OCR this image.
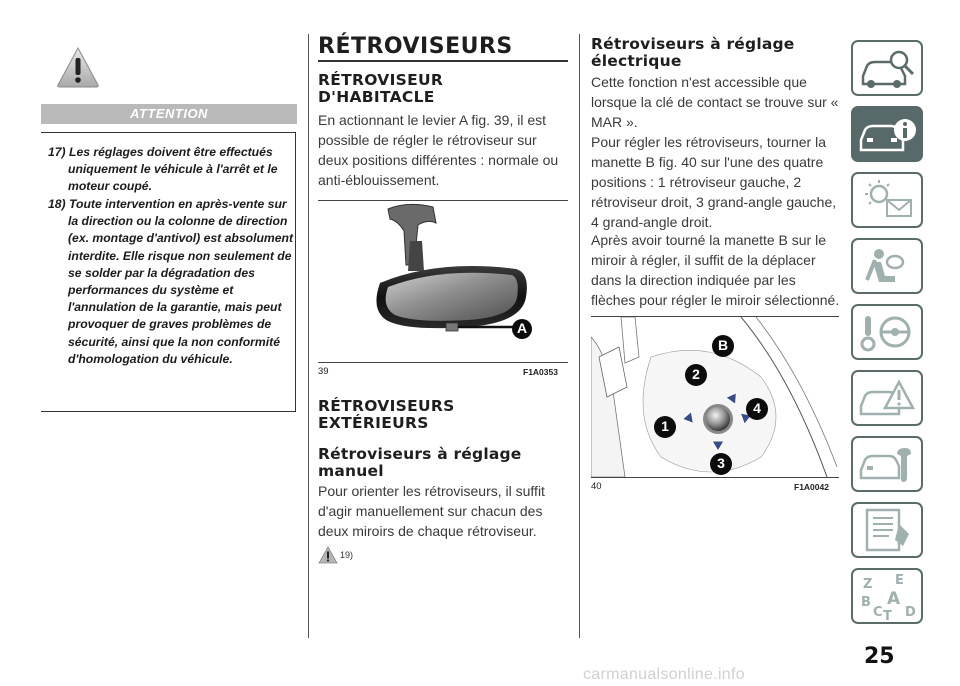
ATTENTION
17) Les réglages doivent être effectués uniquement le véhicule à l'arrêt et le moteur coupé.
18) Toute intervention en après-vente sur la direction ou la colonne de direction (ex. montage d'antivol) est absolument interdite. Elle risque non seulement de se solder par la dégradation des performances du système et l'annulation de la garantie, mais peut provoquer de graves problèmes de sécurité, ainsi que la non conformité d'homologation du véhicule.
RÉTROVISEURS
RÉTROVISEUR
D'HABITACLE
En actionnant le levier A fig. 39, il est possible de régler le rétroviseur sur deux positions différentes : normale ou anti-éblouissement.
A
39	F1A0353
RÉTROVISEURS
EXTÉRIEURS
Rétroviseurs à réglage
manuel
Pour orienter les rétroviseurs, il suffit d'agir manuellement sur chacun des deux miroirs de chaque rétroviseur.
19)
Rétroviseurs à réglage
électrique
Cette fonction n'est accessible que lorsque la clé de contact se trouve sur « MAR ».
Pour régler les rétroviseurs, tourner la manette B fig. 40 sur l'une des quatre positions : 1 rétroviseur gauche, 2 rétroviseur droit, 3 grand-angle gauche, 4 grand-angle droit.
Après avoir tourné la manette B sur le miroir à régler, il suffit de la déplacer dans la direction indiquée par les flèches pour régler le miroir sélectionné.
B
2
4
1
3
40	F1A0042
Z E
B A
C T D
25
carmanualsonline.info
